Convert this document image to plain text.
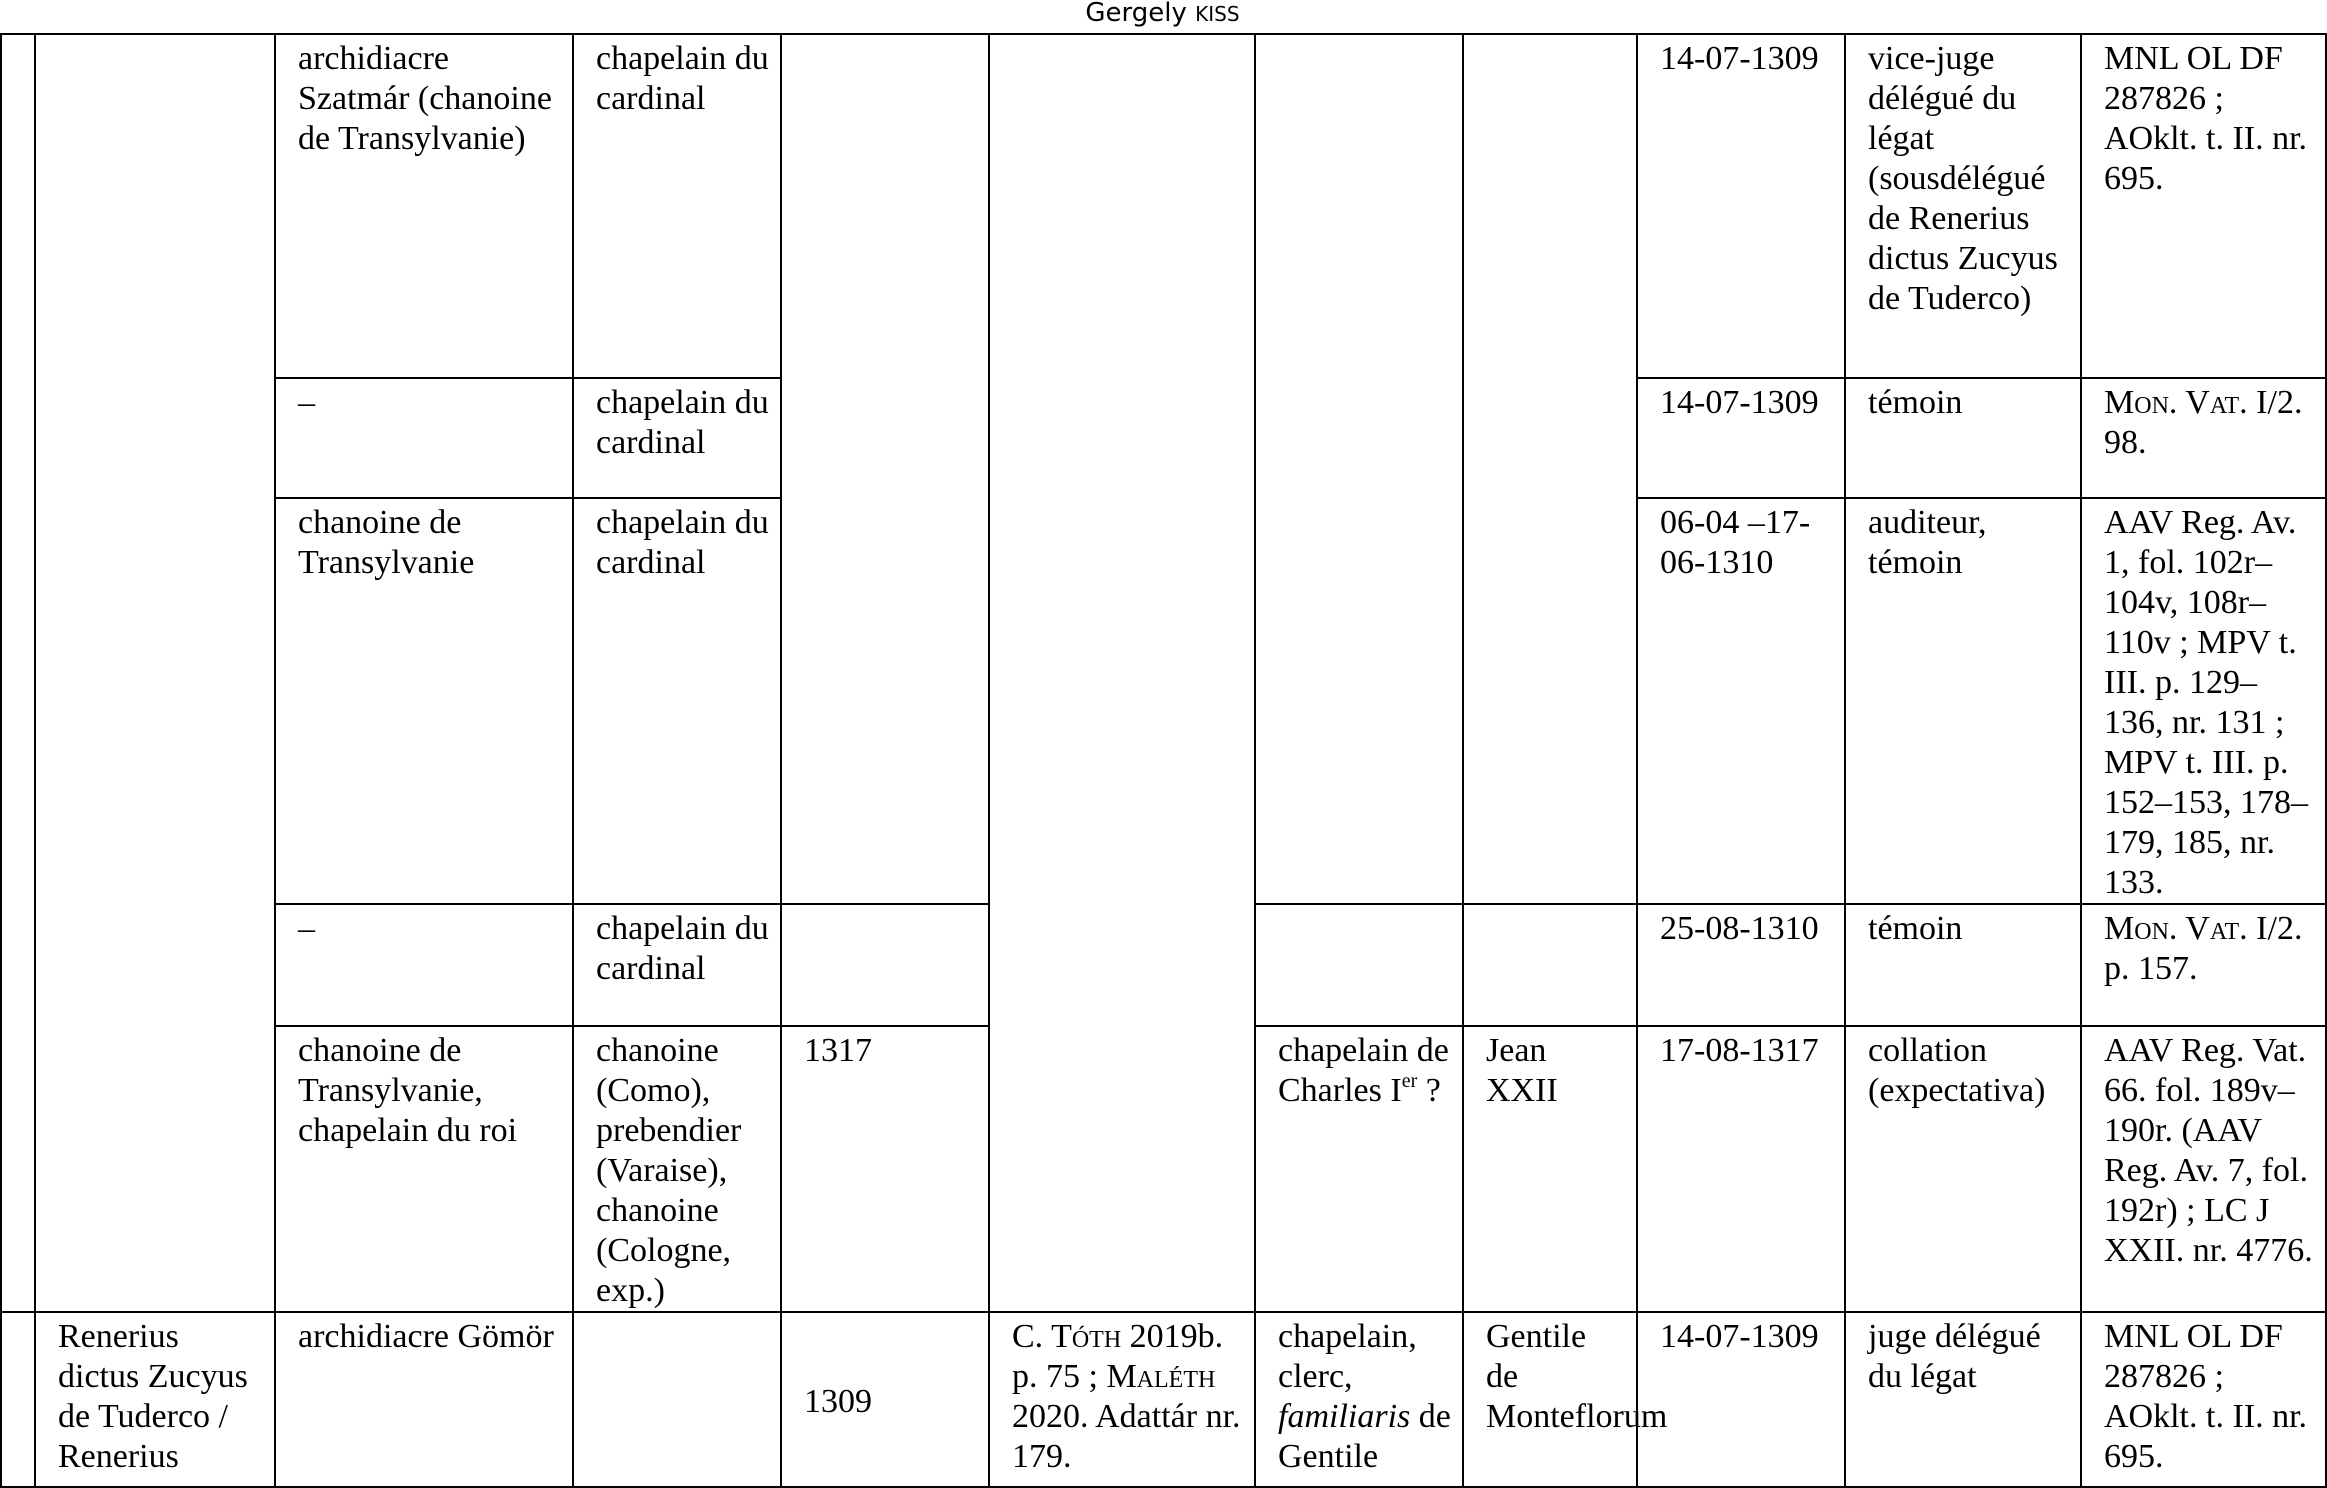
Gergely KISS
		archidiacre Szatmár (chanoine de Transylvanie)	chapelain du cardinal					14-07-1309	vice-juge délégué du légat (sousdélégué de Renerius dictus Zucyus de Tuderco)	MNL OL DF 287826 ; AOklt. t. II. nr. 695.
		–	chapelain du cardinal					14-07-1309	témoin	Mon. Vat. I/2. 98.
		chanoine de Transylvanie	chapelain du cardinal					06-04 –17-06-1310	auditeur, témoin	AAV Reg. Av. 1, fol. 102r–104v, 108r–110v ; MPV t. III. p. 129–136, nr. 131 ; MPV t. III. p. 152–153, 178–179, 185, nr. 133.
		–	chapelain du cardinal					25-08-1310	témoin	Mon. Vat. I/2. p. 157.
		chanoine de Transylvanie, chapelain du roi	chanoine (Como), prebendier (Varaise), chanoine (Cologne, exp.)	1317		chapelain de Charles Ier ?	Jean XXII	17-08-1317	collation (expectativa)	AAV Reg. Vat. 66. fol. 189v–190r. (AAV Reg. Av. 7, fol. 192r) ; LC J XXII. nr. 4776.
	Renerius dictus Zucyus de Tuderco / Renerius	archidiacre Gömör		1309	C. Tóth 2019b. p. 75 ; Maléth 2020. Adattár nr. 179.	chapelain, clerc, familiaris de Gentile	Gentile de Monteflorum	14-07-1309	juge délégué du légat	MNL OL DF 287826 ; AOklt. t. II. nr. 695.
